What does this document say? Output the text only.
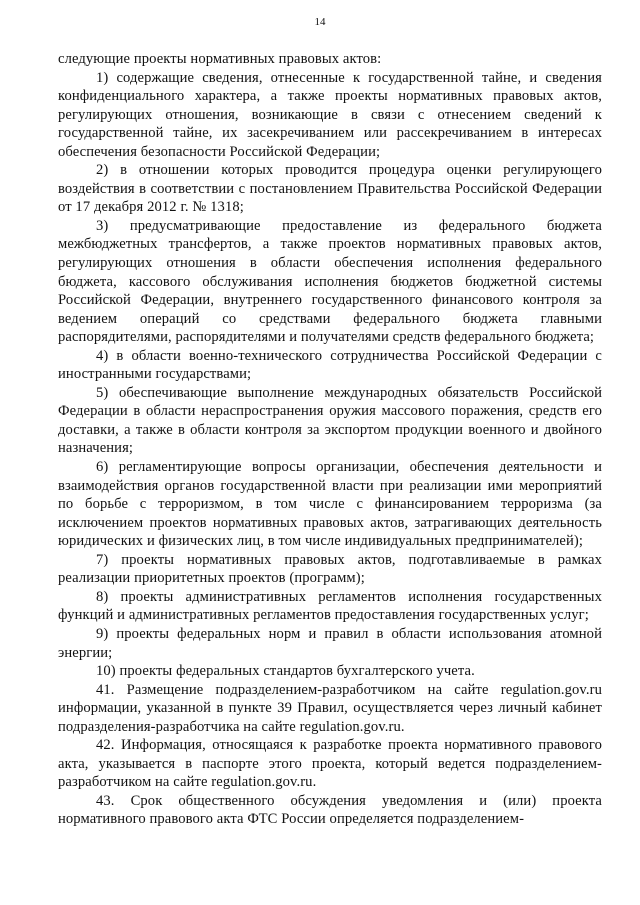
14

следующие проекты нормативных правовых актов:

1) содержащие сведения, отнесенные к государственной тайне, и сведения конфиденциального характера, а также проекты нормативных правовых актов, регулирующих отношения, возникающие в связи с отнесением сведений к государственной тайне, их засекречиванием или рассекречиванием в интересах обеспечения безопасности Российской Федерации;

2) в отношении которых проводится процедура оценки регулирующего воздействия в соответствии с постановлением Правительства Российской Федерации от 17 декабря 2012 г. № 1318;

3) предусматривающие предоставление из федерального бюджета межбюджетных трансфертов, а также проектов нормативных правовых актов, регулирующих отношения в области обеспечения исполнения федерального бюджета, кассового обслуживания исполнения бюджетов бюджетной системы Российской Федерации, внутреннего государственного финансового контроля за ведением операций со средствами федерального бюджета главными распорядителями, распорядителями и получателями средств федерального бюджета;

4) в области военно-технического сотрудничества Российской Федерации с иностранными государствами;

5) обеспечивающие выполнение международных обязательств Российской Федерации в области нераспространения оружия массового поражения, средств его доставки, а также в области контроля за экспортом продукции военного и двойного назначения;

6) регламентирующие вопросы организации, обеспечения деятельности и взаимодействия органов государственной власти при реализации ими мероприятий по борьбе с терроризмом, в том числе с финансированием терроризма (за исключением проектов нормативных правовых актов, затрагивающих деятельность юридических и физических лиц, в том числе индивидуальных предпринимателей);

7) проекты нормативных правовых актов, подготавливаемые в рамках реализации приоритетных проектов (программ);

8) проекты административных регламентов исполнения государственных функций и административных регламентов предоставления государственных услуг;

9) проекты федеральных норм и правил в области использования атомной энергии;

10) проекты федеральных стандартов бухгалтерского учета.

41. Размещение подразделением-разработчиком на сайте regulation.gov.ru информации, указанной в пункте 39 Правил, осуществляется через личный кабинет подразделения-разработчика на сайте regulation.gov.ru.

42. Информация, относящаяся к разработке проекта нормативного правового акта, указывается в паспорте этого проекта, который ведется подразделением-разработчиком на сайте regulation.gov.ru.

43. Срок общественного обсуждения уведомления и (или) проекта нормативного правового акта ФТС России определяется подразделением-
